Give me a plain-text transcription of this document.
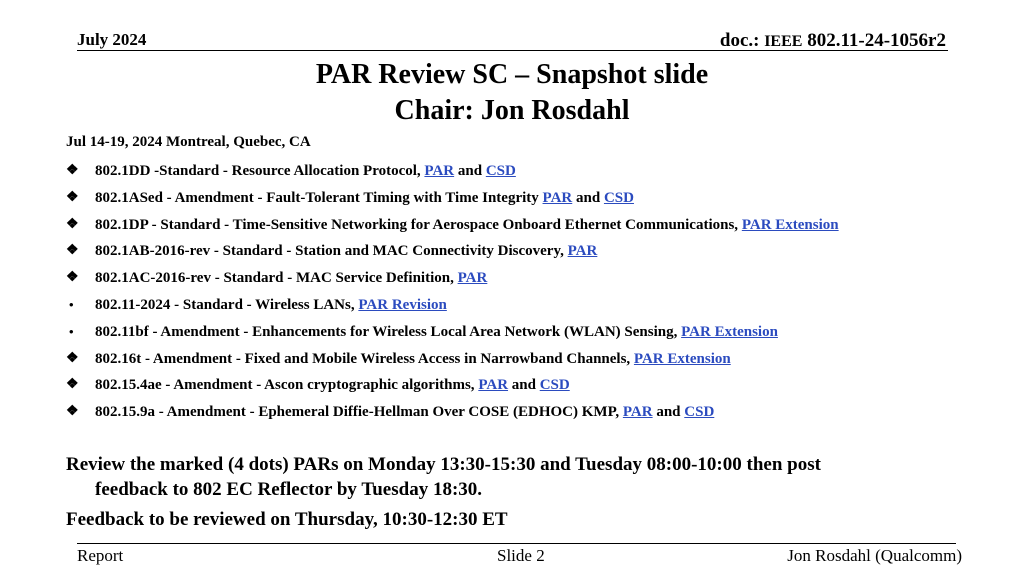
July 2024	doc.: IEEE 802.11-24-1056r2
PAR Review SC – Snapshot slide
Chair: Jon Rosdahl
Jul 14-19, 2024 Montreal, Quebec, CA
❖	802.1DD -Standard - Resource Allocation Protocol, PAR and CSD
❖	802.1ASed - Amendment - Fault-Tolerant Timing with Time Integrity PAR and CSD
❖	802.1DP - Standard - Time-Sensitive Networking for Aerospace Onboard Ethernet Communications, PAR Extension
❖	802.1AB-2016-rev - Standard - Station and MAC Connectivity Discovery, PAR
❖	802.1AC-2016-rev - Standard - MAC Service Definition, PAR
•	802.11-2024 - Standard - Wireless LANs, PAR Revision
•	802.11bf - Amendment - Enhancements for Wireless Local Area Network (WLAN) Sensing, PAR Extension
❖	802.16t - Amendment - Fixed and Mobile Wireless Access in Narrowband Channels, PAR Extension
❖	802.15.4ae - Amendment - Ascon cryptographic algorithms, PAR and CSD
❖	802.15.9a - Amendment - Ephemeral Diffie-Hellman Over COSE (EDHOC) KMP, PAR and CSD
Review the marked (4 dots) PARs on Monday 13:30-15:30 and Tuesday 08:00-10:00 then post
feedback to 802 EC Reflector by Tuesday 18:30.
Feedback to be reviewed on Thursday, 10:30-12:30 ET
Report	Slide 2	Jon Rosdahl (Qualcomm)
